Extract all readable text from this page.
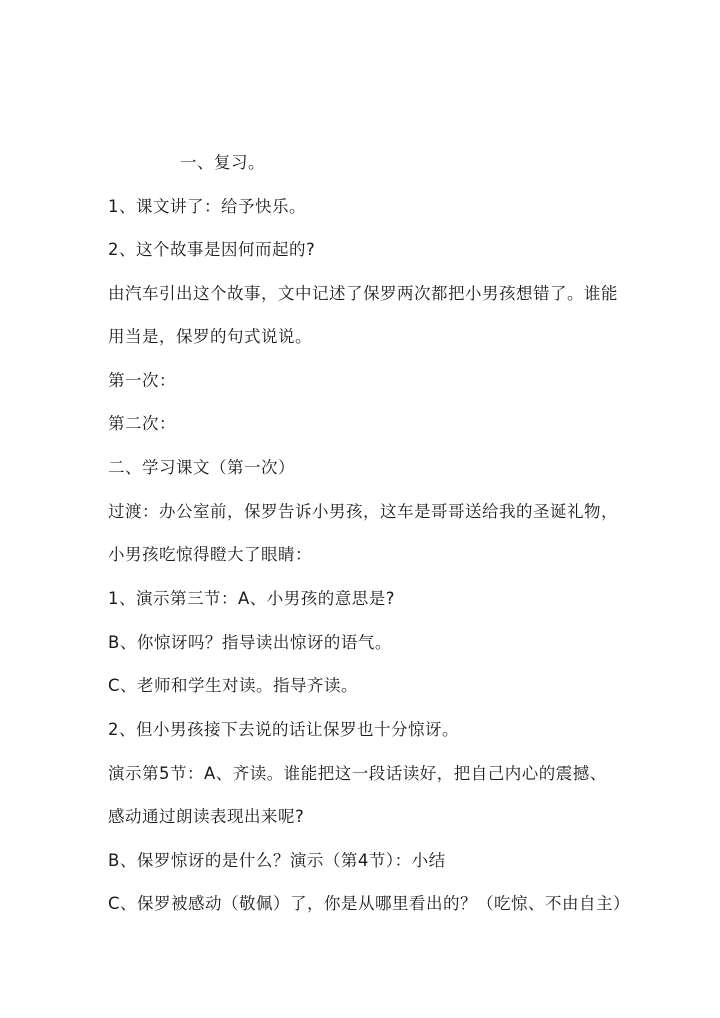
一、复习。
1、课文讲了：给予快乐。
2、这个故事是因何而起的?
由汽车引出这个故事，文中记述了保罗两次都把小男孩想错了。谁能
用当是，保罗的句式说说。
第一次：
第二次：
二、学习课文（第一次）
过渡：办公室前，保罗告诉小男孩，这车是哥哥送给我的圣诞礼物，
小男孩吃惊得瞪大了眼睛：
1、演示第三节：A、小男孩的意思是?
B、你惊讶吗？指导读出惊讶的语气。
C、老师和学生对读。指导齐读。
2、但小男孩接下去说的话让保罗也十分惊讶。
演示第5节：A、齐读。谁能把这一段话读好，把自己内心的震撼、
感动通过朗读表现出来呢?
B、保罗惊讶的是什么？演示（第4节）：小结
C、保罗被感动（敬佩）了，你是从哪里看出的？（吃惊、不由自主）
